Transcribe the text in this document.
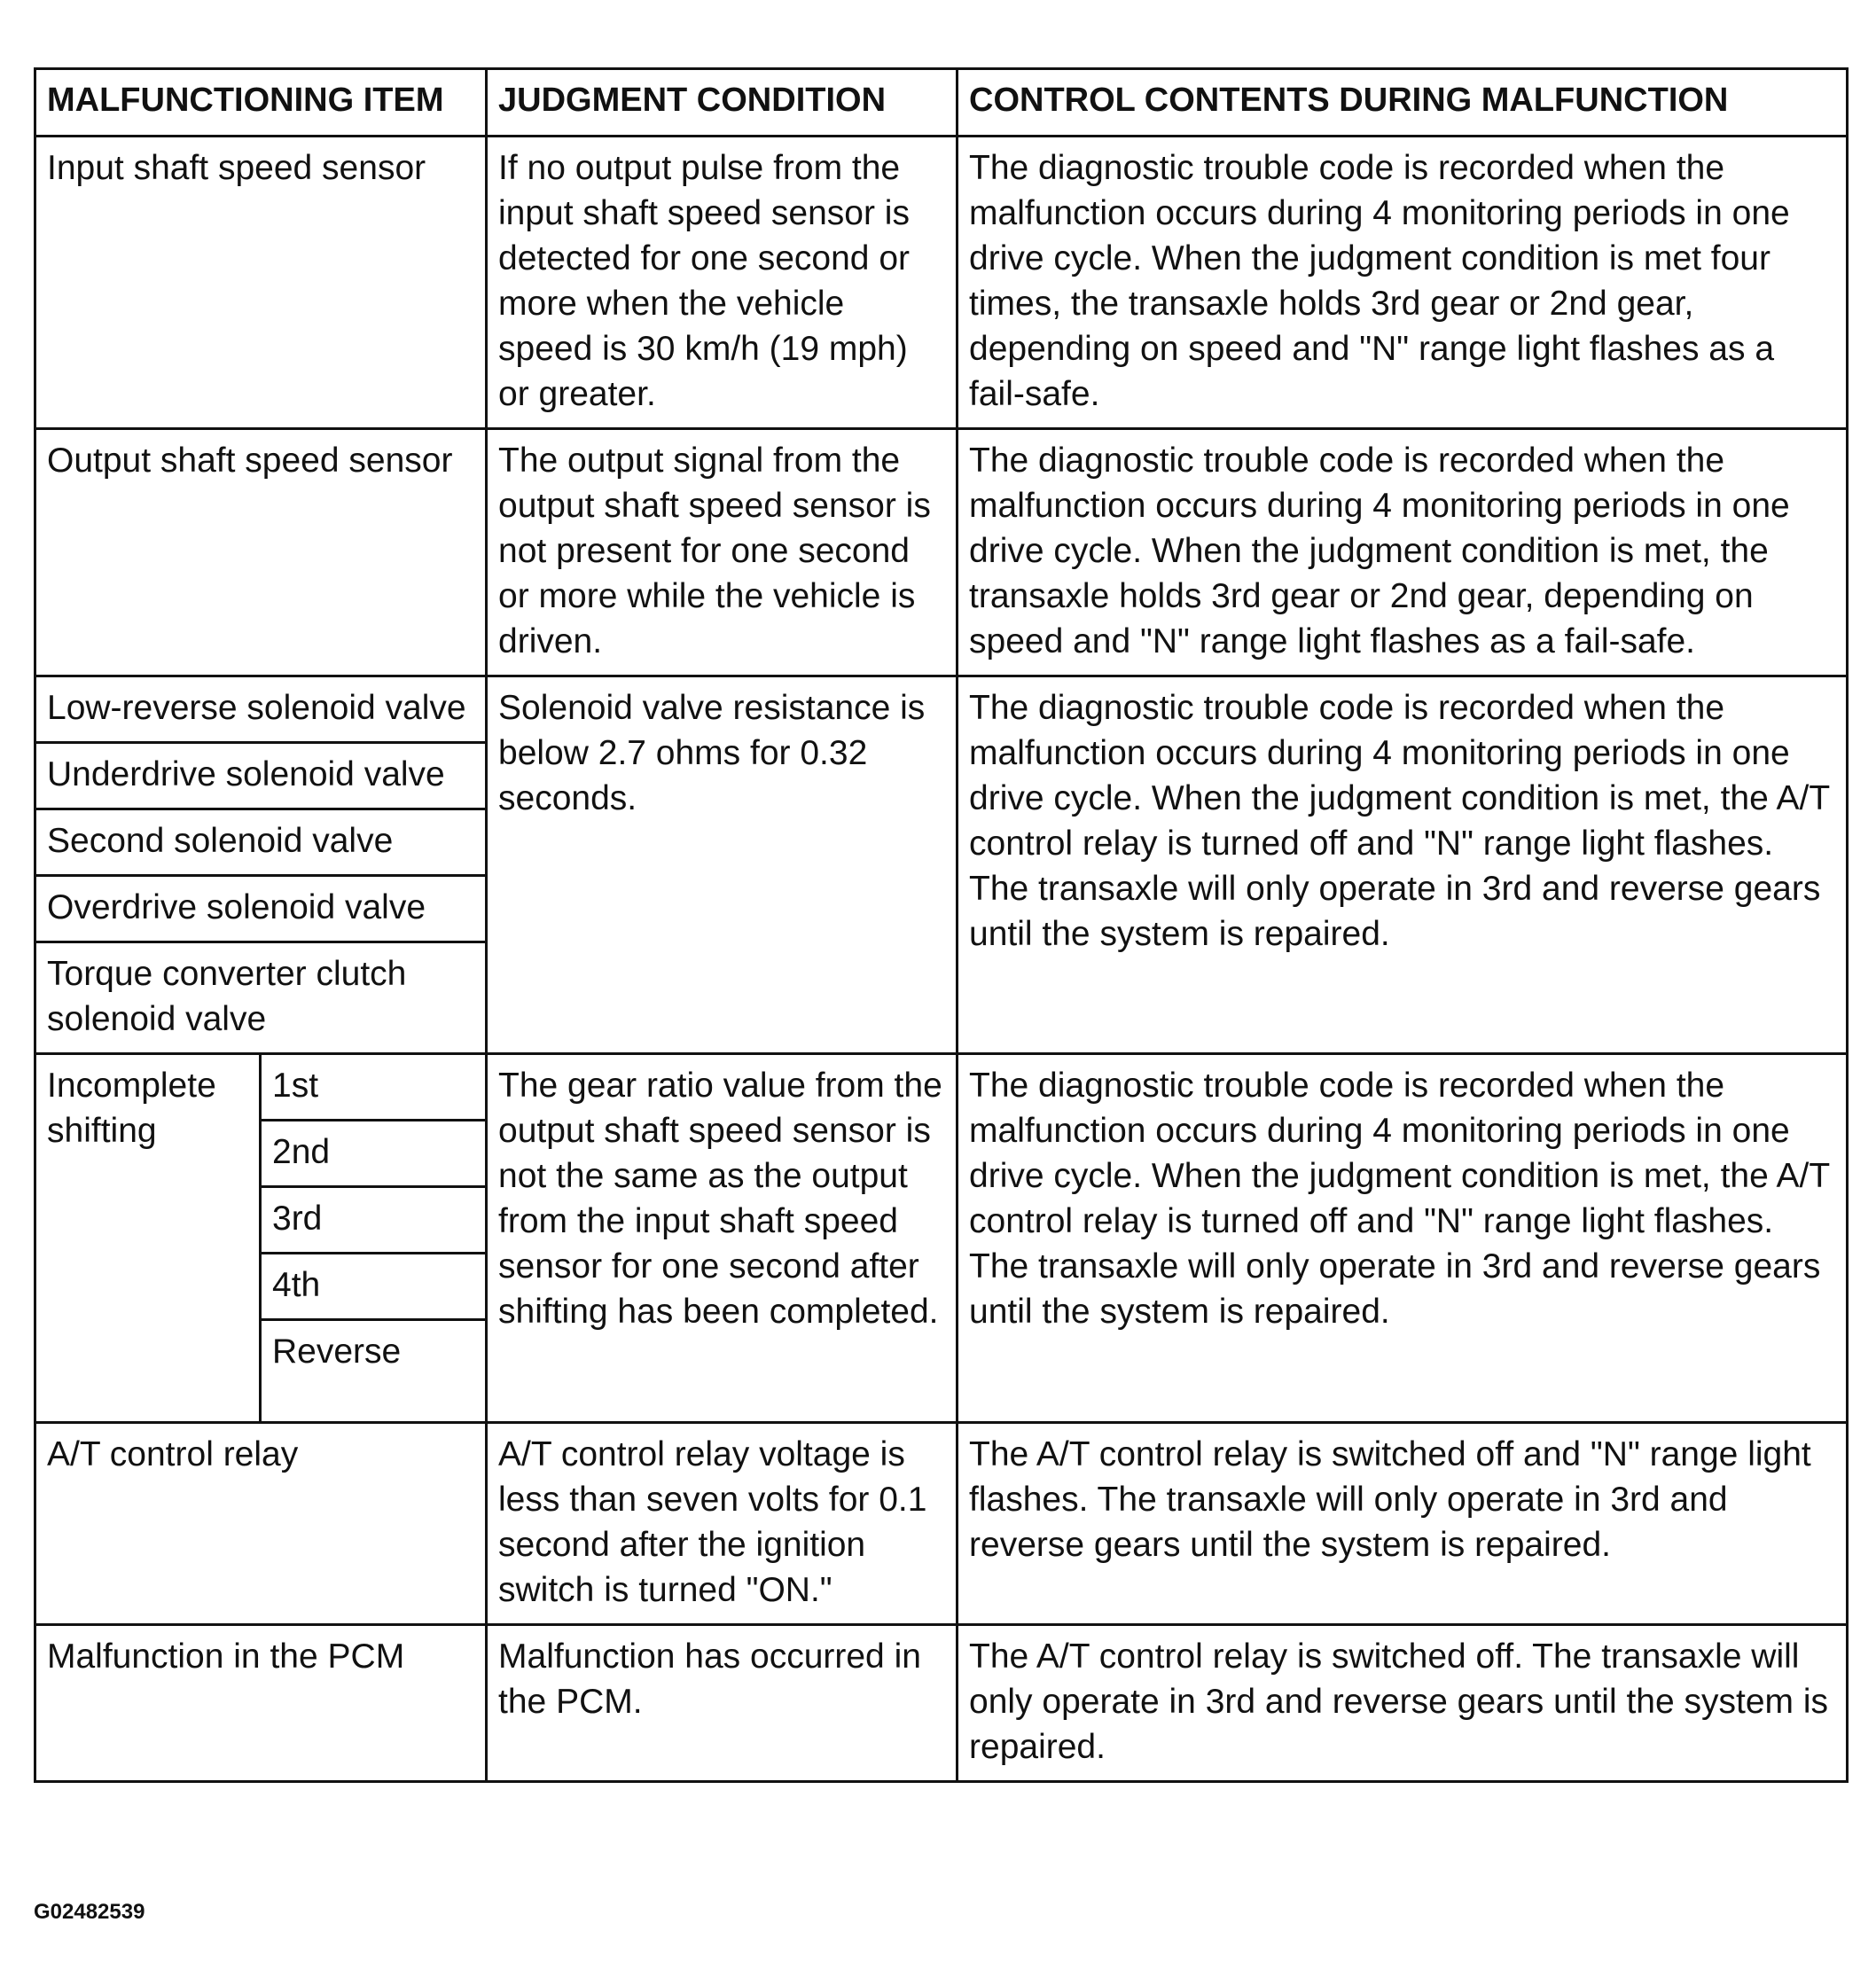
MALFUNCTIONING ITEM		JUDGMENT CONDITION	CONTROL CONTENTS DURING MALFUNCTION
Input shaft speed sensor		If no output pulse from the input shaft speed sensor is detected for one second or more when the vehicle speed is 30 km/h (19 mph) or greater.	The diagnostic trouble code is recorded when the malfunction occurs during 4 monitoring periods in one drive cycle. When the judgment condition is met four times, the transaxle holds 3rd gear or 2nd gear, depending on speed and "N" range light flashes as a fail-safe.
Output shaft speed sensor		The output signal from the output shaft speed sensor is not present for one second or more while the vehicle is driven.	The diagnostic trouble code is recorded when the malfunction occurs during 4 monitoring periods in one drive cycle. When the judgment condition is met, the transaxle holds 3rd gear or 2nd gear, depending on speed and "N" range light flashes as a fail-safe.
Low-reverse solenoid valve		Solenoid valve resistance is below 2.7 ohms for 0.32 seconds.	The diagnostic trouble code is recorded when the malfunction occurs during 4 monitoring periods in one drive cycle. When the judgment condition is met, the A/T control relay is turned off and "N" range light flashes. The transaxle will only operate in 3rd and reverse gears until the system is repaired.
Underdrive solenoid valve			
Second solenoid valve			
Overdrive solenoid valve			
Torque converter clutch solenoid valve			
Incomplete shifting	1st	The gear ratio value from the output shaft speed sensor is not the same as the output from the input shaft speed sensor for one second after shifting has been completed.	The diagnostic trouble code is recorded when the malfunction occurs during 4 monitoring periods in one drive cycle. When the judgment condition is met, the A/T control relay is turned off and "N" range light flashes. The transaxle will only operate in 3rd and reverse gears until the system is repaired.
	2nd		
	3rd		
	4th		
	Reverse		
A/T control relay		A/T control relay voltage is less than seven volts for 0.1 second after the ignition switch is turned "ON."	The A/T control relay is switched off and "N" range light flashes. The transaxle will only operate in 3rd and reverse gears until the system is repaired.
Malfunction in the PCM		Malfunction has occurred in the PCM.	The A/T control relay is switched off. The transaxle will only operate in 3rd and reverse gears until the system is repaired.
G02482539
